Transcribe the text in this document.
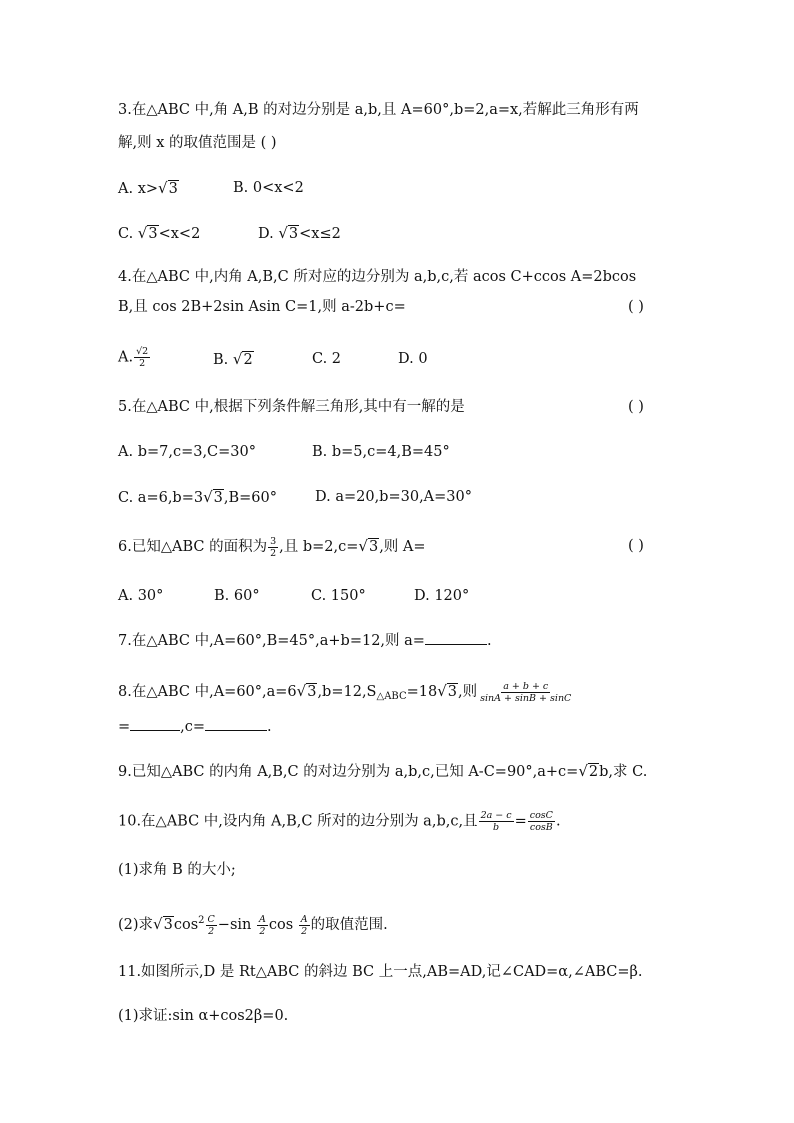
3.在△ABC 中,角 A,B 的对边分别是 a,b,且 A=60°,b=2,a=x,若解此三角形有两
解,则 x 的取值范围是 ( )
A. x>√3	B. 0<x<2
C. √3<x<2	D. √3<x≤2
4.在△ABC 中,内角 A,B,C 所对应的边分别为 a,b,c,若 acos C+ccos A=2bcos
B,且 cos 2B+2sin Asin C=1,则 a-2b+c=	( )
A. $\frac{√2}{2}$	B. √2	C. 2	D. 0
5.在△ABC 中,根据下列条件解三角形,其中有一解的是	( )
A. b=7,c=3,C=30°	B. b=5,c=4,B=45°
C. a=6,b=3√3,B=60°	D. a=20,b=30,A=30°
6.已知△ABC 的面积为 $\frac{3}{2}$ ,且 b=2,c=√3,则 A=	( )
A. 30°	B. 60°	C. 150°	D. 120°
7.在△ABC 中,A=60°,B=45°,a+b=12,则 a=	.
8.在△ABC 中$,A=60^\circ,a=6√3,b=12,S_{\triangle ABC}=18√3$,则 $\frac{a + b + c}{\sin A + \sin B + \sin C}$
=	,c=	.
9.已知△ABC 的内角 A,B,C 的对边分别为 a,b,c,已知 A-C=90°,a+c=√2b,求 C.
10.在△ABC 中,设内角 A,B,C 所对的边分别为 a,b,c,且 $\frac{2a - c}{b} = \frac{\cos C}{\cos B}$ .
(1)求角 B 的大小;
(2)求$√3\cos^2 \frac{C}{2} -\sin \frac{A}{2}$ $\cos \frac{A}{2}$ 的取值范围.
11.如图所示,D 是 Rt△ABC 的斜边 BC 上一点,AB=AD,记∠CAD=α,∠ABC=β.
(1)求证:sin α+cos2β=0.
